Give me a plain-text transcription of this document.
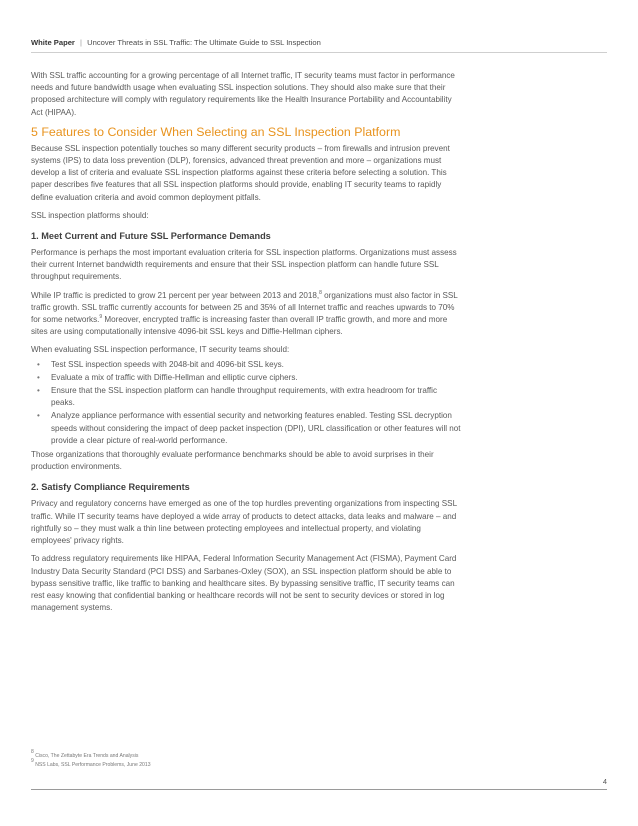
White Paper | Uncover Threats in SSL Traffic: The Ultimate Guide to SSL Inspection

With SSL traffic accounting for a growing percentage of all Internet traffic, IT security teams must factor in performance needs and future bandwidth usage when evaluating SSL inspection solutions. They should also make sure that their proposed architecture will comply with regulatory requirements like the Health Insurance Portability and Accountability Act (HIPAA).

5 Features to Consider When Selecting an SSL Inspection Platform

Because SSL inspection potentially touches so many different security products – from firewalls and intrusion prevent systems (IPS) to data loss prevention (DLP), forensics, advanced threat prevention and more – organizations must develop a list of criteria and evaluate SSL inspection platforms against these criteria before selecting a solution. This paper describes five features that all SSL inspection platforms should provide, enabling IT security teams to rapidly define evaluation criteria and avoid common deployment pitfalls.

SSL inspection platforms should:

1. Meet Current and Future SSL Performance Demands

Performance is perhaps the most important evaluation criteria for SSL inspection platforms. Organizations must assess their current Internet bandwidth requirements and ensure that their SSL inspection platform can handle future SSL throughput requirements.

While IP traffic is predicted to grow 21 percent per year between 2013 and 2018,$^8$ organizations must also factor in SSL traffic growth. SSL traffic currently accounts for between 25 and 35% of all Internet traffic and reaches upwards to 70% for some networks.$^9$ Moreover, encrypted traffic is increasing faster than overall IP traffic growth, and more and more sites are using computationally intensive 4096-bit SSL keys and Diffie-Hellman ciphers.

When evaluating SSL inspection performance, IT security teams should:

• Test SSL inspection speeds with 2048-bit and 4096-bit SSL keys.
• Evaluate a mix of traffic with Diffie-Hellman and elliptic curve ciphers.
• Ensure that the SSL inspection platform can handle throughput requirements, with extra headroom for traffic peaks.
• Analyze appliance performance with essential security and networking features enabled. Testing SSL decryption speeds without considering the impact of deep packet inspection (DPI), URL classification or other features will not provide a clear picture of real-world performance.

Those organizations that thoroughly evaluate performance benchmarks should be able to avoid surprises in their production environments.

2. Satisfy Compliance Requirements

Privacy and regulatory concerns have emerged as one of the top hurdles preventing organizations from inspecting SSL traffic. While IT security teams have deployed a wide array of products to detect attacks, data leaks and malware – and rightfully so – they must walk a thin line between protecting employees and intellectual property, and violating employees' privacy rights.

To address regulatory requirements like HIPAA, Federal Information Security Management Act (FISMA), Payment Card Industry Data Security Standard (PCI DSS) and Sarbanes-Oxley (SOX), an SSL inspection platform should be able to bypass sensitive traffic, like traffic to banking and healthcare sites. By bypassing sensitive traffic, IT security teams can rest easy knowing that confidential banking or healthcare records will not be sent to security devices or stored in log management systems.

$^8$ Cisco, The Zettabyte Era Trends and Analysis
$^9$ NSS Labs, SSL Performance Problems, June 2013
4
